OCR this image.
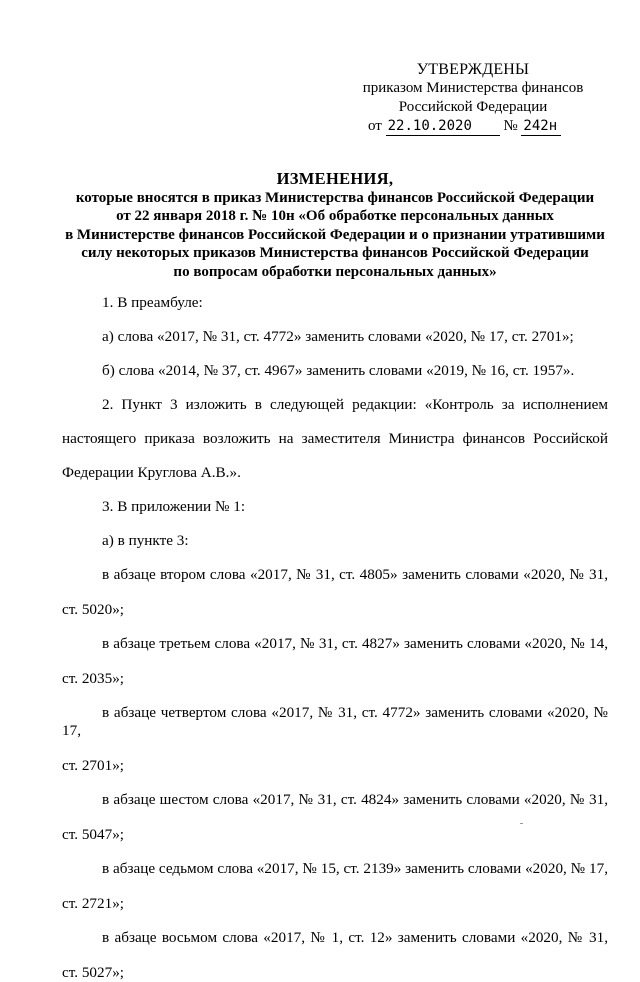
УТВЕРЖДЕНЫ
приказом Министерства финансов
Российской Федерации
от 22.10.2020 № 242н
ИЗМЕНЕНИЯ,
которые вносятся в приказ Министерства финансов Российской Федерации
от 22 января 2018 г. № 10н «Об обработке персональных данных
в Министерстве финансов Российской Федерации и о признании утратившими
силу некоторых приказов Министерства финансов Российской Федерации
по вопросам обработки персональных данных»

1. В преамбуле:

а) слова «2017, № 31, ст. 4772» заменить словами «2020, № 17, ст. 2701»;

б) слова «2014, № 37, ст. 4967» заменить словами «2019, № 16, ст. 1957».

2. Пункт 3 изложить в следующей редакции: «Контроль за исполнением

настоящего приказа возложить на заместителя Министра финансов Российской

Федерации Круглова А.В.».

3. В приложении № 1:

а) в пункте 3:

в абзаце втором слова «2017, № 31, ст. 4805» заменить словами «2020, № 31,

ст. 5020»;

в абзаце третьем слова «2017, № 31, ст. 4827» заменить словами «2020, № 14,

ст. 2035»;

в абзаце четвертом слова «2017, № 31, ст. 4772» заменить словами «2020, № 17,

ст. 2701»;

в абзаце шестом слова «2017, № 31, ст. 4824» заменить словами «2020, № 31,

ст. 5047»;

в абзаце седьмом слова «2017, № 15, ст. 2139» заменить словами «2020, № 17,

ст. 2721»;

в абзаце восьмом слова «2017, № 1, ст. 12» заменить словами «2020, № 31,

ст. 5027»;
